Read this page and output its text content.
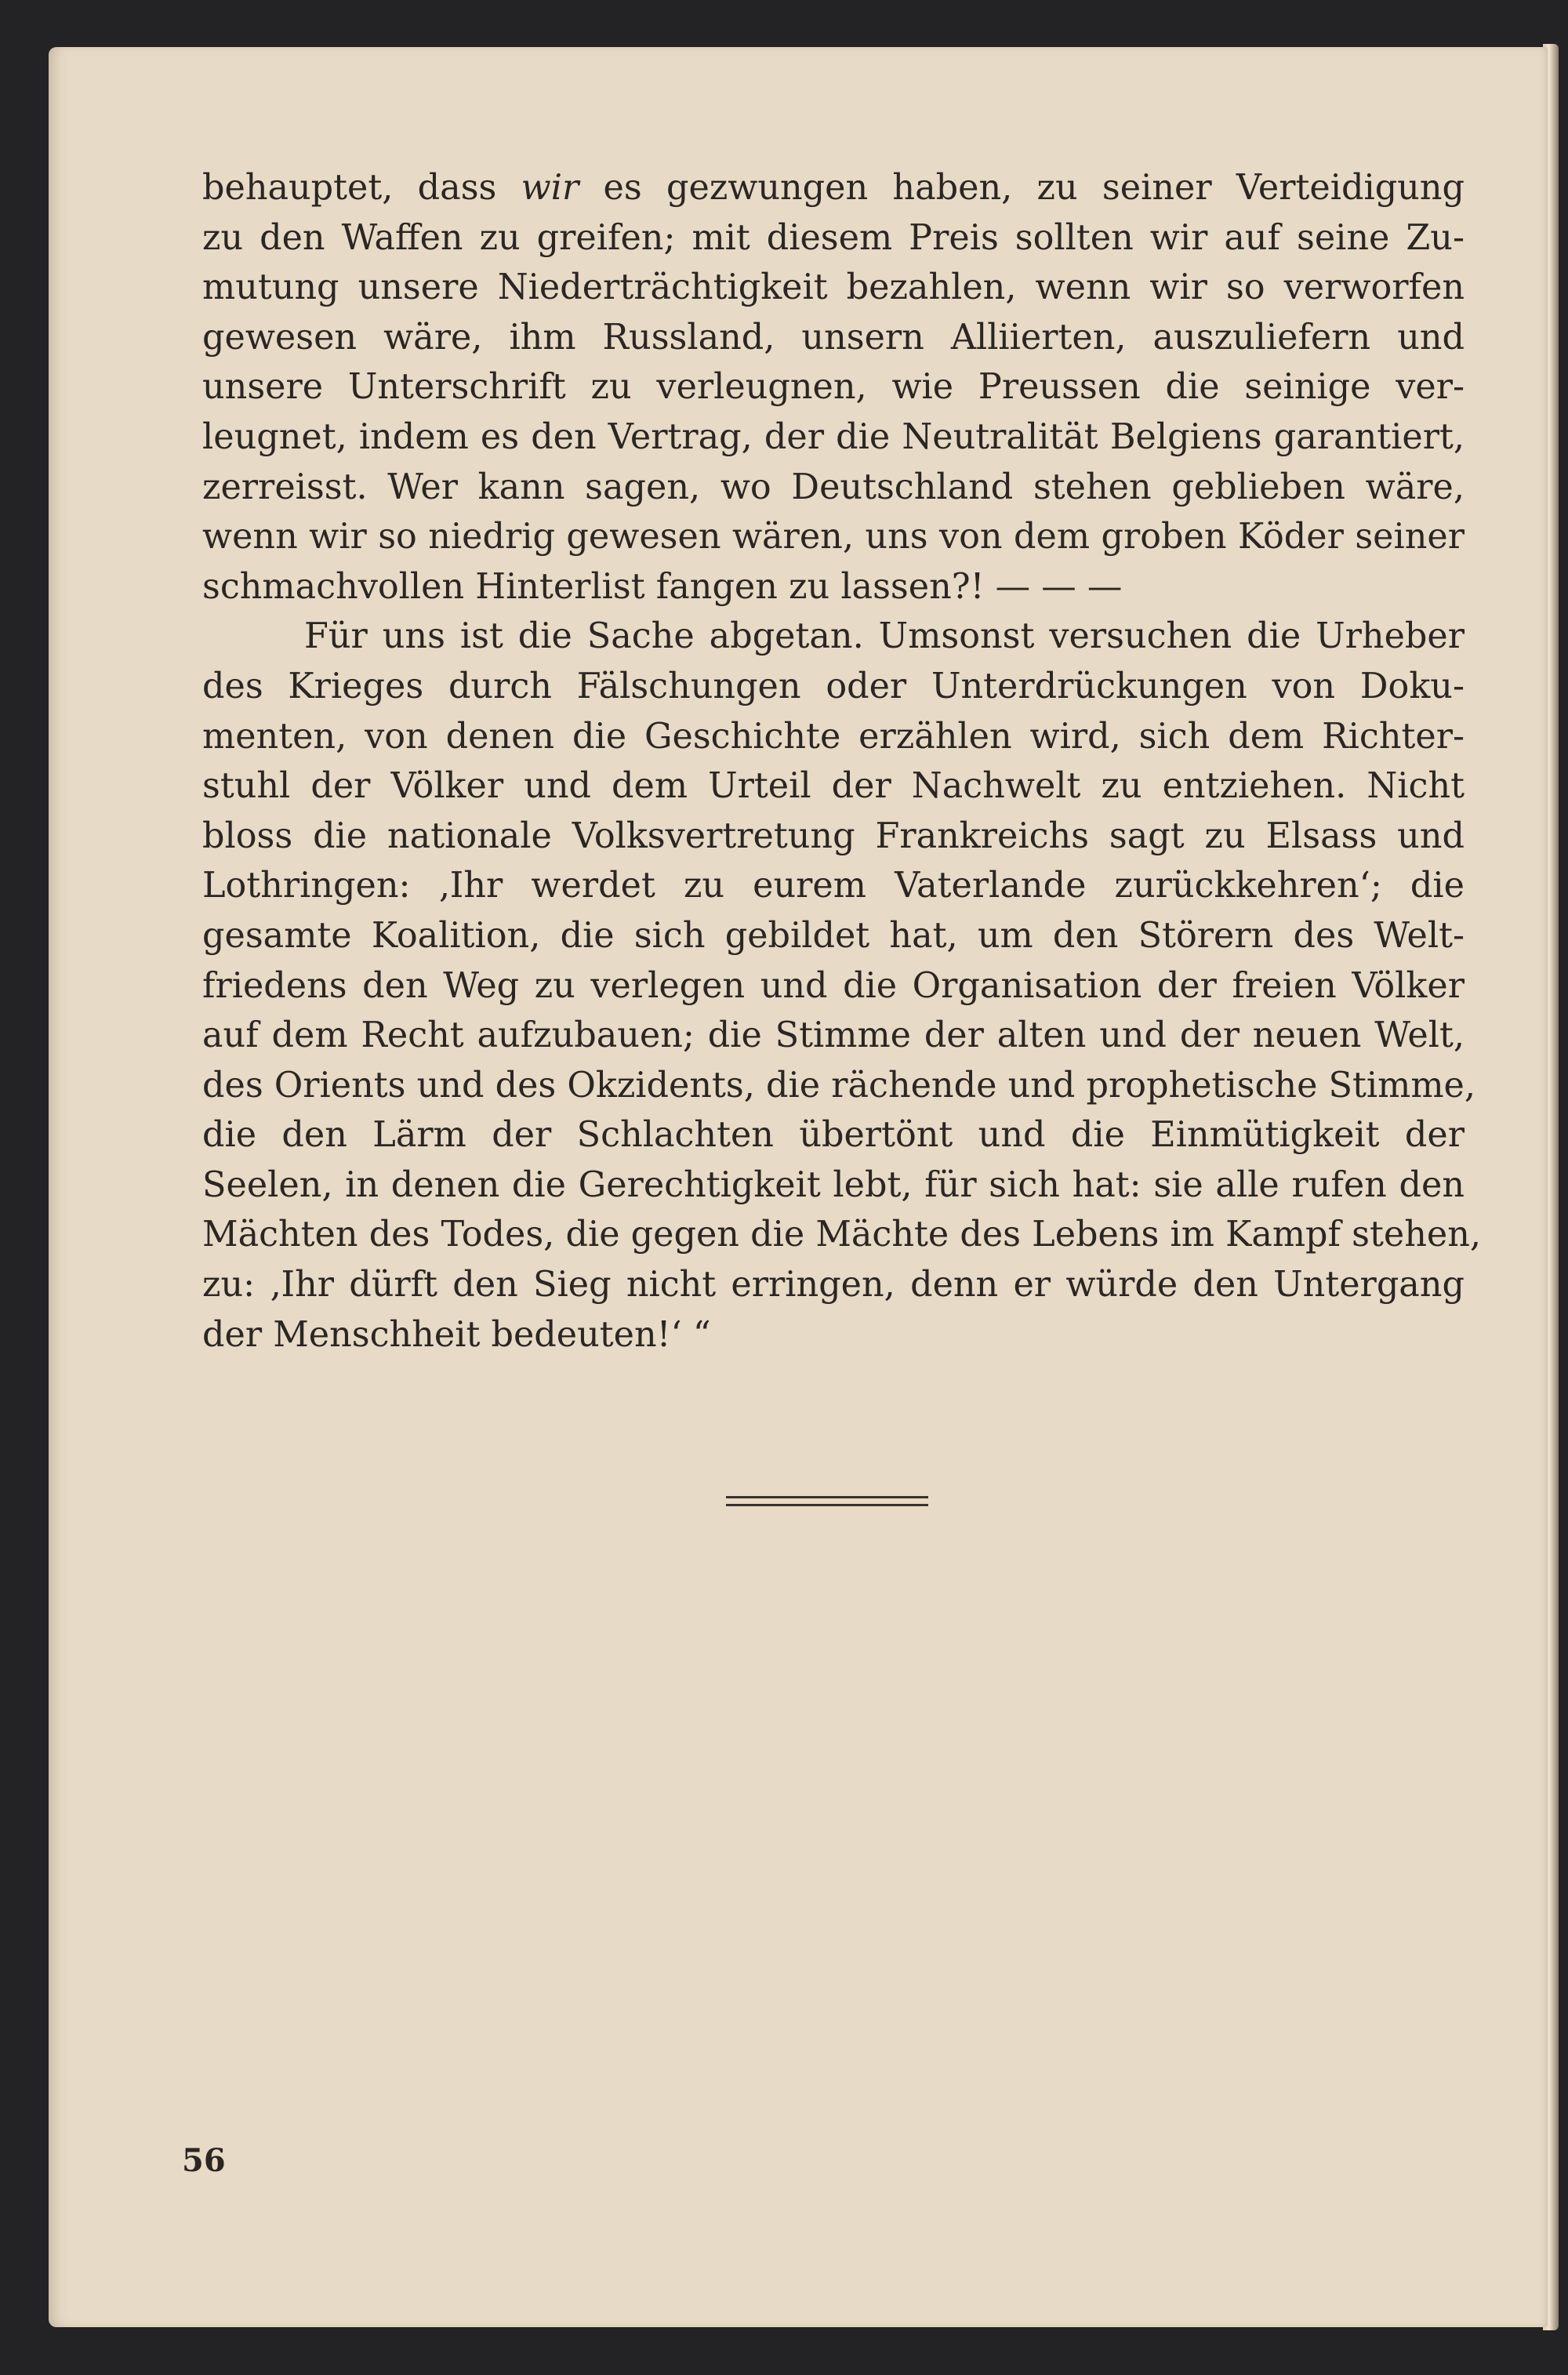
behauptet, dass wir es gezwungen haben, zu seiner Verteidigung
zu den Waffen zu greifen; mit diesem Preis sollten wir auf seine Zu-
mutung unsere Niederträchtigkeit bezahlen, wenn wir so verworfen
gewesen wäre, ihm Russland, unsern Alliierten, auszuliefern und
unsere Unterschrift zu verleugnen, wie Preussen die seinige ver-
leugnet, indem es den Vertrag, der die Neutralität Belgiens garantiert,
zerreisst. Wer kann sagen, wo Deutschland stehen geblieben wäre,
wenn wir so niedrig gewesen wären, uns von dem groben Köder seiner
schmachvollen Hinterlist fangen zu lassen?! — — —
Für uns ist die Sache abgetan. Umsonst versuchen die Urheber
des Krieges durch Fälschungen oder Unterdrückungen von Doku-
menten, von denen die Geschichte erzählen wird, sich dem Richter-
stuhl der Völker und dem Urteil der Nachwelt zu entziehen. Nicht
bloss die nationale Volksvertretung Frankreichs sagt zu Elsass und
Lothringen: ‚Ihr werdet zu eurem Vaterlande zurückkehren‘; die
gesamte Koalition, die sich gebildet hat, um den Störern des Welt-
friedens den Weg zu verlegen und die Organisation der freien Völker
auf dem Recht aufzubauen; die Stimme der alten und der neuen Welt,
des Orients und des Okzidents, die rächende und prophetische Stimme,
die den Lärm der Schlachten übertönt und die Einmütigkeit der
Seelen, in denen die Gerechtigkeit lebt, für sich hat: sie alle rufen den
Mächten des Todes, die gegen die Mächte des Lebens im Kampf stehen,
zu: ‚Ihr dürft den Sieg nicht erringen, denn er würde den Untergang
der Menschheit bedeuten!‘ “
56
